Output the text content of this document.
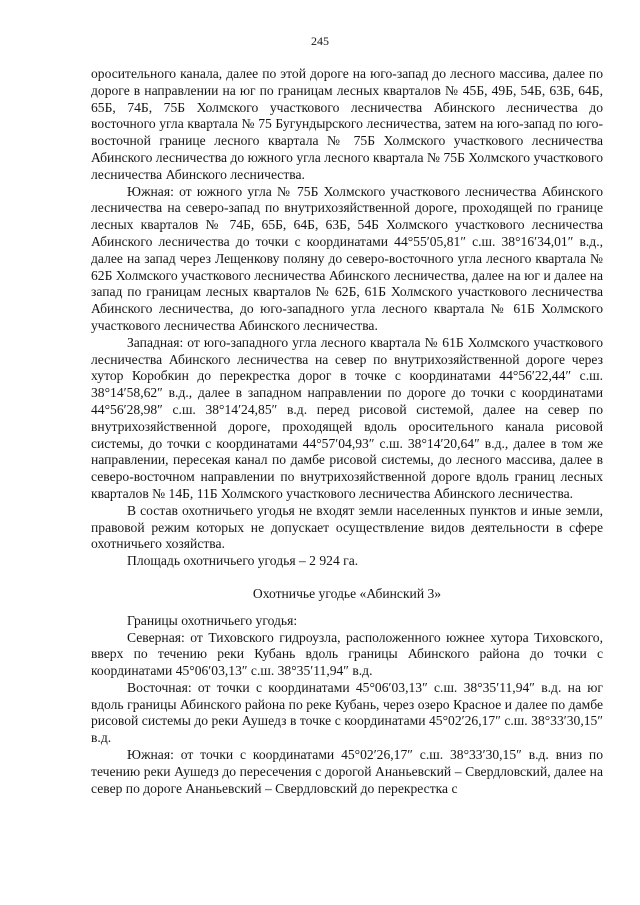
245

оросительного канала, далее по этой дороге на юго-запад до лесного массива, далее по дороге в направлении на юг по границам лесных кварталов № 45Б, 49Б, 54Б, 63Б, 64Б, 65Б, 74Б, 75Б Холмского участкового лесничества Абинского лесничества до восточного угла квартала № 75 Бугундырского лесничества, затем на юго-запад по юго-восточной границе лесного квартала № 75Б Холмского участкового лесничества Абинского лесничества до южного угла лесного квартала № 75Б Холмского участкового лесничества Абинского лесничества.

Южная: от южного угла № 75Б Холмского участкового лесничества Абинского лесничества на северо-запад по внутрихозяйственной дороге, проходящей по границе лесных кварталов № 74Б, 65Б, 64Б, 63Б, 54Б Холмского участкового лесничества Абинского лесничества до точки с координатами 44°55′05,81″ с.ш. 38°16′34,01″ в.д., далее на запад через Лещенкову поляну до северо-восточного угла лесного квартала № 62Б Холмского участкового лесничества Абинского лесничества, далее на юг и далее на запад по границам лесных кварталов № 62Б, 61Б Холмского участкового лесничества Абинского лесничества, до юго-западного угла лесного квартала № 61Б Холмского участкового лесничества Абинского лесничества.

Западная: от юго-западного угла лесного квартала № 61Б Холмского участкового лесничества Абинского лесничества на север по внутрихозяйственной дороге через хутор Коробкин до перекрестка дорог в точке с координатами 44°56′22,44″ с.ш. 38°14′58,62″ в.д., далее в западном направлении по дороге до точки с координатами 44°56′28,98″ с.ш. 38°14′24,85″ в.д. перед рисовой системой, далее на север по внутрихозяйственной дороге, проходящей вдоль оросительного канала рисовой системы, до точки с координатами 44°57′04,93″ с.ш. 38°14′20,64″ в.д., далее в том же направлении, пересекая канал по дамбе рисовой системы, до лесного массива, далее в северо-восточном направлении по внутрихозяйственной дороге вдоль границ лесных кварталов № 14Б, 11Б Холмского участкового лесничества Абинского лесничества.

В состав охотничьего угодья не входят земли населенных пунктов и иные земли, правовой режим которых не допускает осуществление видов деятельности в сфере охотничьего хозяйства.

Площадь охотничьего угодья – 2 924 га.

Охотничье угодье «Абинский 3»

Границы охотничьего угодья:

Северная: от Тиховского гидроузла, расположенного южнее хутора Тиховского, вверх по течению реки Кубань вдоль границы Абинского района до точки с координатами 45°06′03,13″ с.ш. 38°35′11,94″ в.д.

Восточная: от точки с координатами 45°06′03,13″ с.ш. 38°35′11,94″ в.д. на юг вдоль границы Абинского района по реке Кубань, через озеро Красное и далее по дамбе рисовой системы до реки Аушедз в точке с координатами 45°02′26,17″ с.ш. 38°33′30,15″ в.д.

Южная: от точки с координатами 45°02′26,17″ с.ш. 38°33′30,15″ в.д. вниз по течению реки Аушедз до пересечения с дорогой Ананьевский – Свердловский, далее на север по дороге Ананьевский – Свердловский до перекрестка с
